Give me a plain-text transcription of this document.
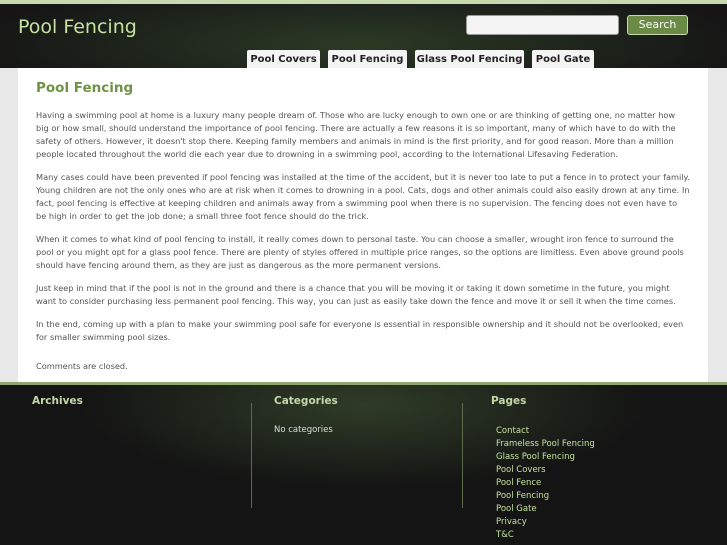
Pool Fencing	Search
Pool Covers	Pool Fencing	Glass Pool Fencing	Pool Gate
Pool Fencing

Having a swimming pool at home is a luxury many people dream of. Those who are lucky enough to own one or are thinking of getting one, no matter how big or how small, should understand the importance of pool fencing. There are actually a few reasons it is so important, many of which have to do with the safety of others. However, it doesn't stop there. Keeping family members and animals in mind is the first priority, and for good reason. More than a million people located throughout the world die each year due to drowning in a swimming pool, according to the International Lifesaving Federation.

Many cases could have been prevented if pool fencing was installed at the time of the accident, but it is never too late to put a fence in to protect your family. Young children are not the only ones who are at risk when it comes to drowning in a pool. Cats, dogs and other animals could also easily drown at any time. In fact, pool fencing is effective at keeping children and animals away from a swimming pool when there is no supervision. The fencing does not even have to be high in order to get the job done; a small three foot fence should do the trick.

When it comes to what kind of pool fencing to install, it really comes down to personal taste. You can choose a smaller, wrought iron fence to surround the pool or you might opt for a glass pool fence. There are plenty of styles offered in multiple price ranges, so the options are limitless. Even above ground pools should have fencing around them, as they are just as dangerous as the more permanent versions.

Just keep in mind that if the pool is not in the ground and there is a chance that you will be moving it or taking it down sometime in the future, you might want to consider purchasing less permanent pool fencing. This way, you can just as easily take down the fence and move it or sell it when the time comes.

In the end, coming up with a plan to make your swimming pool safe for everyone is essential in responsible ownership and it should not be overlooked, even for smaller swimming pool sizes.

Comments are closed.
Archives	Categories
No categories
Pages
Contact
Frameless Pool Fencing
Glass Pool Fencing
Pool Covers
Pool Fence
Pool Fencing
Pool Gate
Privacy
T&C
